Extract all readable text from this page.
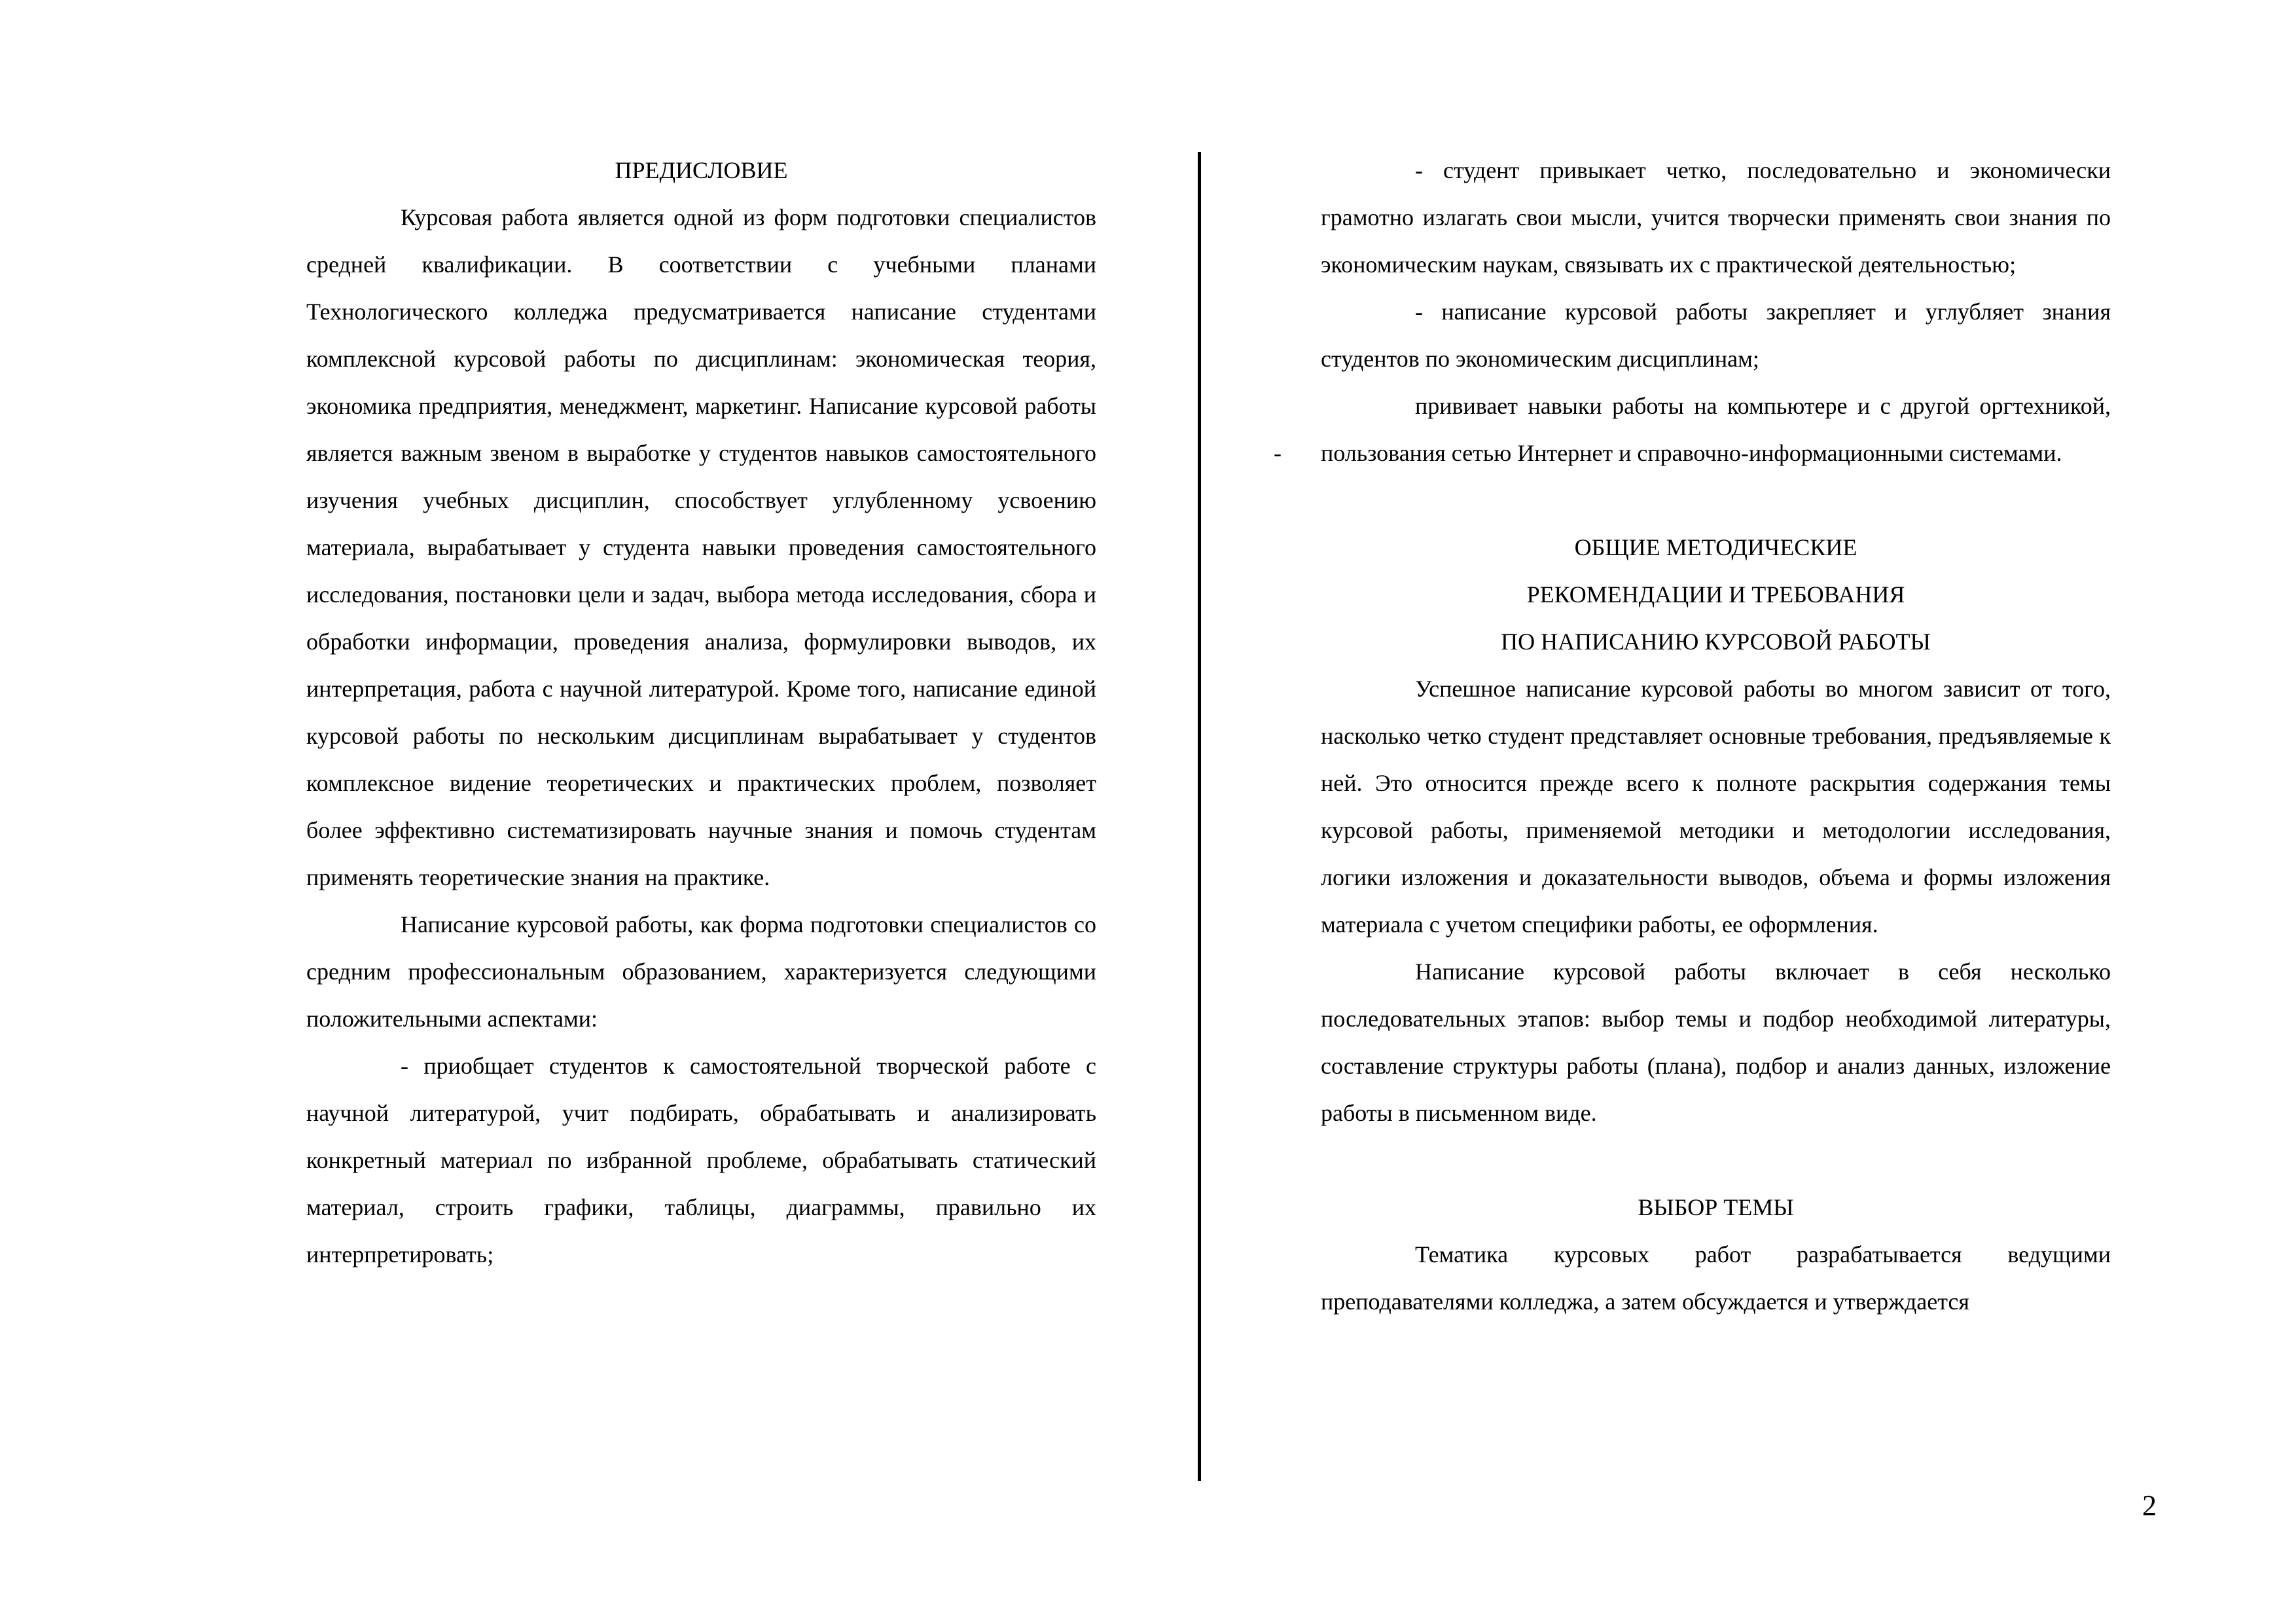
ПРЕДИСЛОВИЕ

Курсовая работа является одной из форм подготовки специалистов средней квалификации. В соответствии с учебными планами Технологического колледжа предусматривается написание студентами комплексной курсовой работы по дисциплинам: экономическая теория, экономика предприятия, менеджмент, маркетинг. Написание курсовой работы является важным звеном в выработке у студентов навыков самостоятельного изучения учебных дисциплин, способствует углубленному усвоению материала, вырабатывает у студента навыки проведения самостоятельного исследования, постановки цели и задач, выбора метода исследования, сбора и обработки информации, проведения анализа, формулировки выводов, их интерпретация, работа с научной литературой. Кроме того, написание единой курсовой работы по нескольким дисциплинам вырабатывает у студентов комплексное видение теоретических и практических проблем, позволяет более эффективно систематизировать научные знания и помочь студентам применять теоретические знания на практике.

Написание курсовой работы, как форма подготовки специалистов со средним профессиональным образованием, характеризуется следующими положительными аспектами:

- приобщает студентов к самостоятельной творческой работе с научной литературой, учит подбирать, обрабатывать и анализировать конкретный материал по избранной проблеме, обрабатывать статический материал, строить графики, таблицы, диаграммы, правильно их интерпретировать;

-

- студент привыкает четко, последовательно и экономически грамотно излагать свои мысли, учится творчески применять свои знания по экономическим наукам, связывать их с практической деятельностью;

- написание курсовой работы закрепляет и углубляет знания студентов по экономическим дисциплинам;

прививает навыки работы на компьютере и с другой оргтехникой, пользования сетью Интернет и справочно-информационными системами.

ОБЩИЕ МЕТОДИЧЕСКИЕ

РЕКОМЕНДАЦИИ И ТРЕБОВАНИЯ

ПО НАПИСАНИЮ КУРСОВОЙ РАБОТЫ

Успешное написание курсовой работы во многом зависит от того, насколько четко студент представляет основные требования, предъявляемые к ней. Это относится прежде всего к полноте раскрытия содержания темы курсовой работы, применяемой методики и методологии исследования, логики изложения и доказательности выводов, объема и формы изложения материала с учетом специфики работы, ее оформления.

Написание курсовой работы включает в себя несколько последовательных этапов: выбор темы и подбор необходимой литературы, составление структуры работы (плана), подбор и анализ данных, изложение работы в письменном виде.

ВЫБОР ТЕМЫ

Тематика курсовых работ разрабатывается ведущими преподавателями колледжа, а затем обсуждается и утверждается

2
